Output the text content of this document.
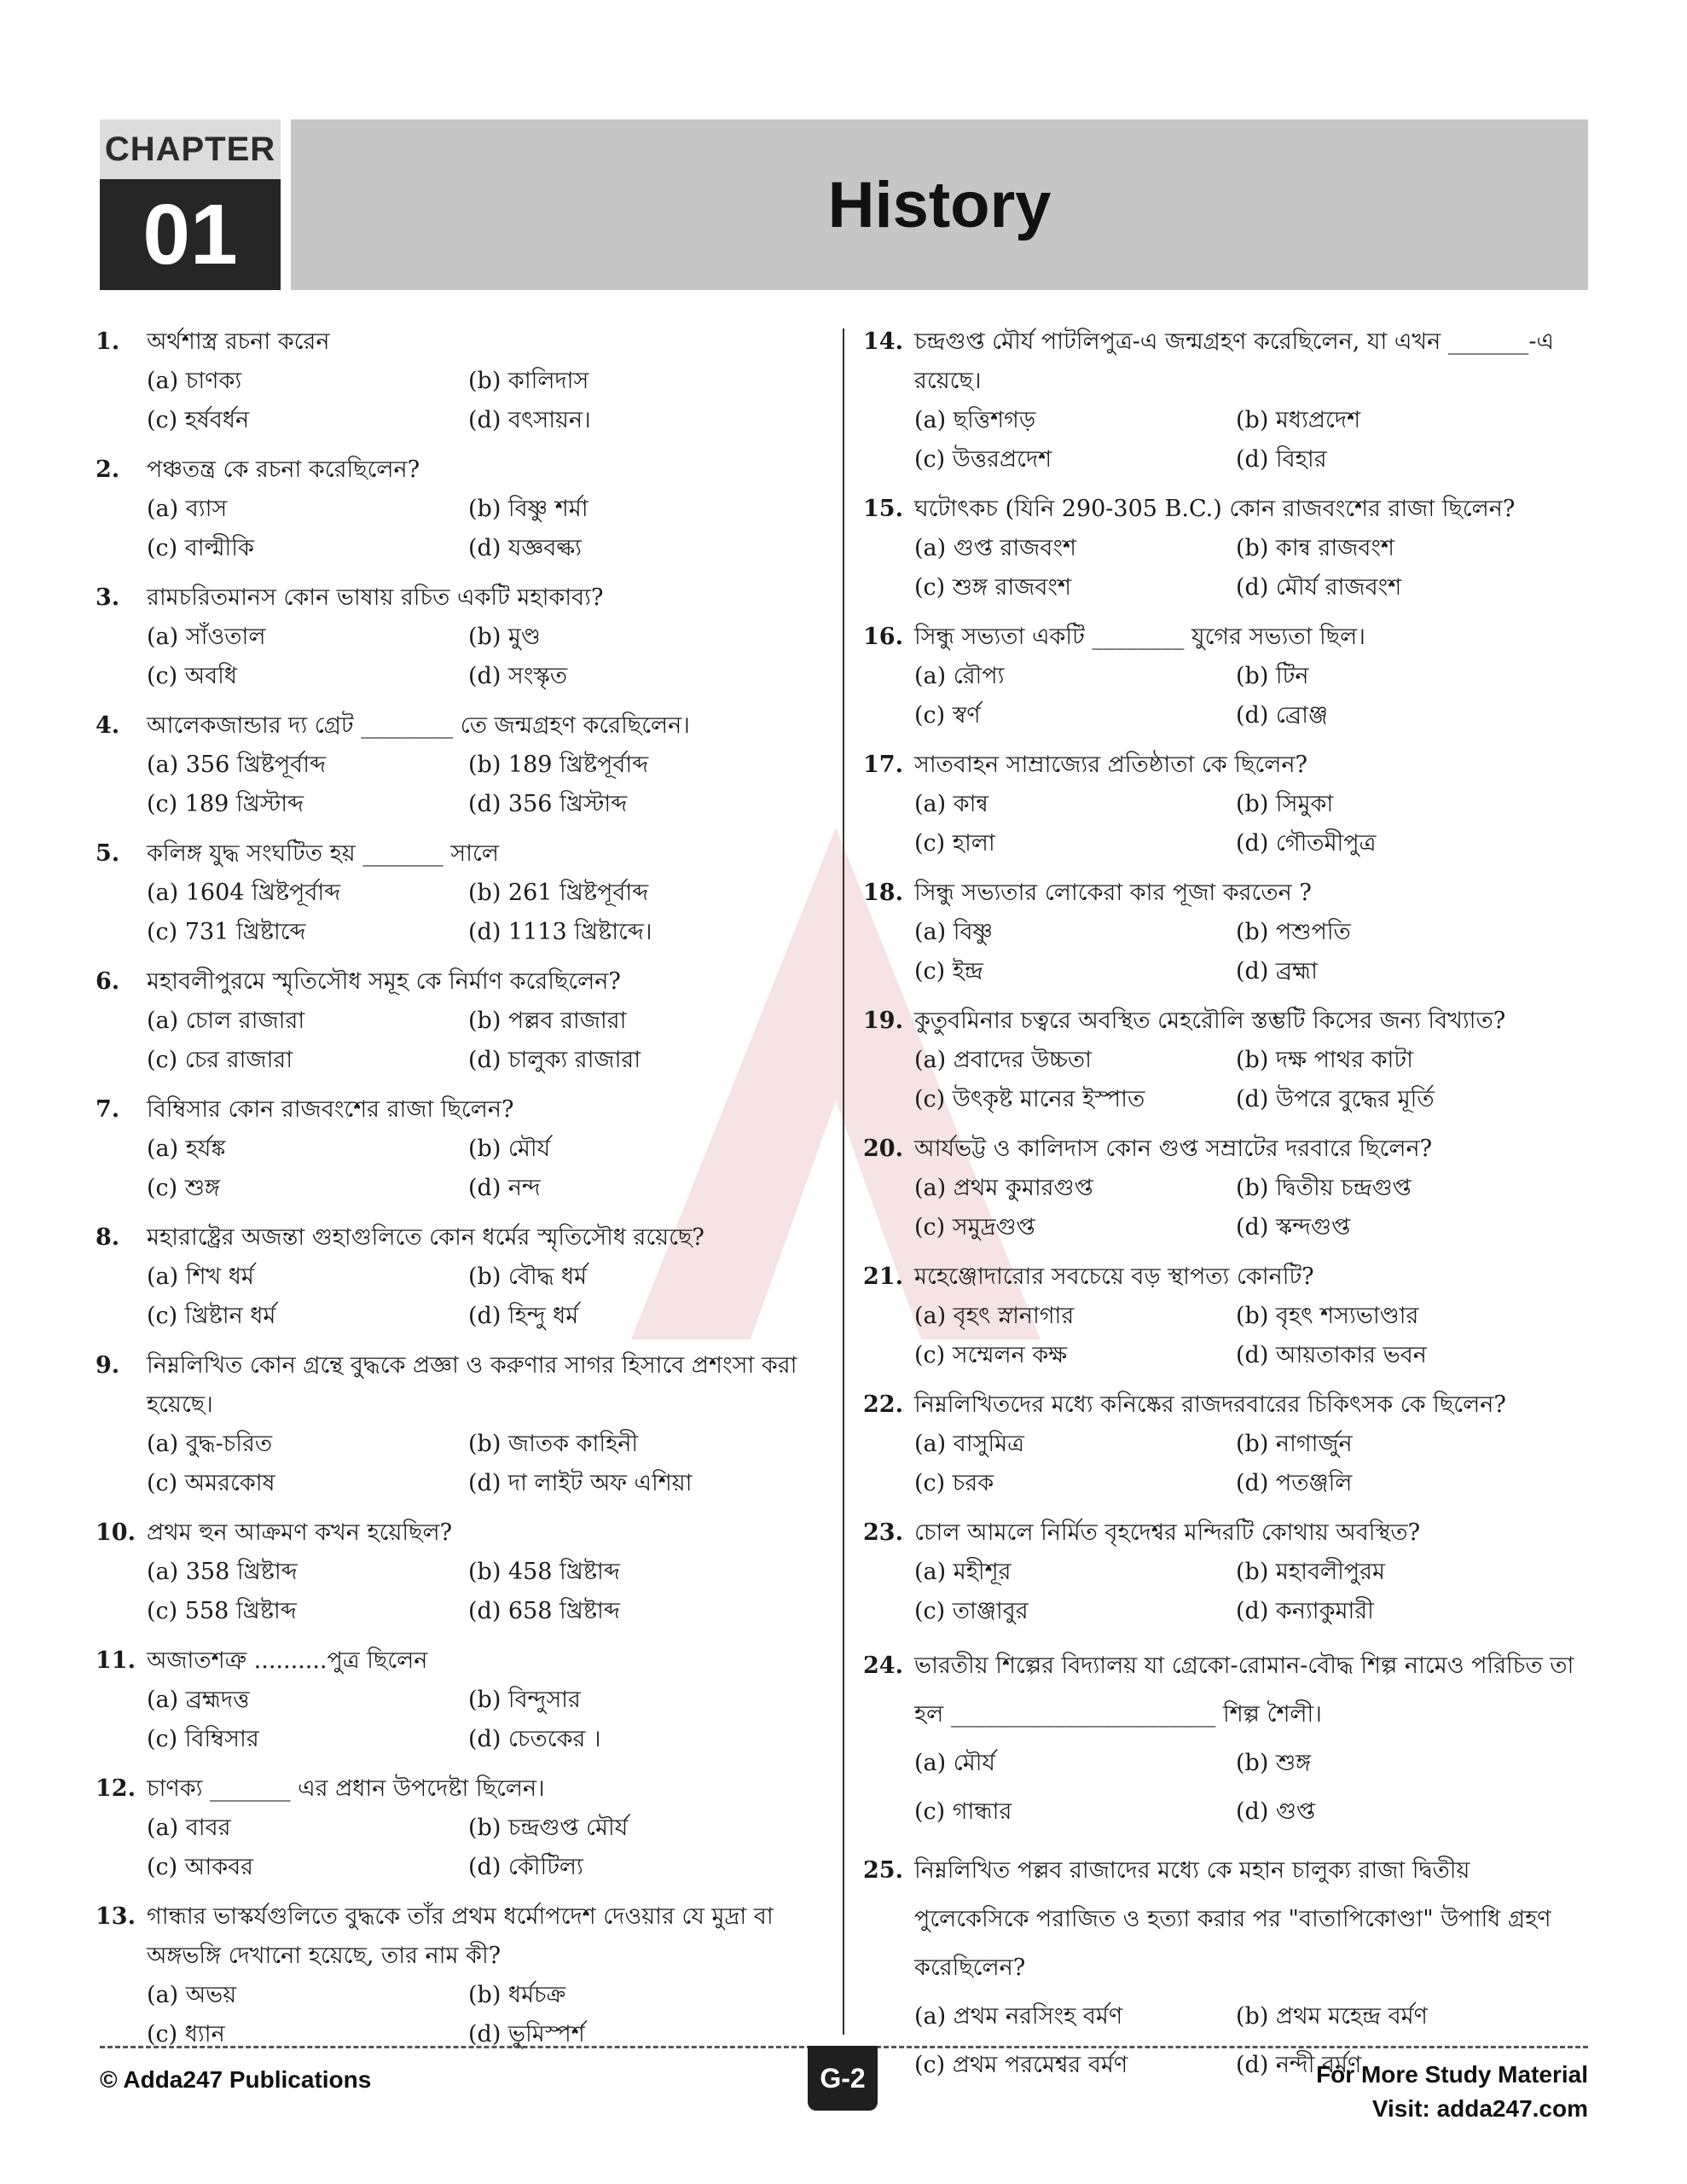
CHAPTER
01	History
1.	অর্থশাস্ত্র রচনা করেন
(a) চাণক্য	(b) কালিদাস
(c) হর্ষবর্ধন	(d) বৎসায়ন।
2.	পঞ্চতন্ত্র কে রচনা করেছিলেন?
(a) ব্যাস	(b) বিষ্ণু শর্মা
(c) বাল্মীকি	(d) যজ্ঞবল্ক্য
3.	রামচরিতমানস কোন ভাষায় রচিত একটি মহাকাব্য?
(a) সাঁওতাল	(b) মুণ্ড
(c) অবধি	(d) সংস্কৃত
4.	আলেকজান্ডার দ্য গ্রেট ________ তে জন্মগ্রহণ করেছিলেন।
(a) 356 খ্রিষ্টপূর্বাব্দ	(b) 189 খ্রিষ্টপূর্বাব্দ
(c) 189 খ্রিস্টাব্দ	(d) 356 খ্রিস্টাব্দ
5.	কলিঙ্গ যুদ্ধ সংঘটিত হয় _______ সালে
(a) 1604 খ্রিষ্টপূর্বাব্দ	(b) 261 খ্রিষ্টপূর্বাব্দ
(c) 731 খ্রিষ্টাব্দে	(d) 1113 খ্রিষ্টাব্দে।
6.	মহাবলীপুরমে স্মৃতিসৌধ সমূহ কে নির্মাণ করেছিলেন?
(a) চোল রাজারা	(b) পল্লব রাজারা
(c) চের রাজারা	(d) চালুক্য রাজারা
7.	বিম্বিসার কোন রাজবংশের রাজা ছিলেন?
(a) হর্যঙ্ক	(b) মৌর্য
(c) শুঙ্গ	(d) নন্দ
8.	মহারাষ্ট্রের অজন্তা গুহাগুলিতে কোন ধর্মের স্মৃতিসৌধ রয়েছে?
(a) শিখ ধর্ম	(b) বৌদ্ধ ধর্ম
(c) খ্রিষ্টান ধর্ম	(d) হিন্দু ধর্ম
9.	নিম্নলিখিত কোন গ্রন্থে বুদ্ধকে প্রজ্ঞা ও করুণার সাগর হিসাবে প্রশংসা করা হয়েছে।
(a) বুদ্ধ-চরিত	(b) জাতক কাহিনী
(c) অমরকোষ	(d) দা লাইট অফ এশিয়া
10. প্রথম হুন আক্রমণ কখন হয়েছিল?
(a) 358 খ্রিষ্টাব্দ	(b) 458 খ্রিষ্টাব্দ
(c) 558 খ্রিষ্টাব্দ	(d) 658 খ্রিষ্টাব্দ
11. অজাতশত্রু ..........পুত্র ছিলেন
(a) ব্রহ্মদত্ত	(b) বিন্দুসার
(c) বিম্বিসার	(d) চেতকের ।
12. চাণক্য _______ এর প্রধান উপদেষ্টা ছিলেন।
(a) বাবর	(b) চন্দ্রগুপ্ত মৌর্য
(c) আকবর	(d) কৌটিল্য
13. গান্ধার ভাস্কর্যগুলিতে বুদ্ধকে তাঁর প্রথম ধর্মোপদেশ দেওয়ার যে মুদ্রা বা অঙ্গভঙ্গি দেখানো হয়েছে, তার নাম কী?
(a) অভয়	(b) ধর্মচক্র
(c) ধ্যান	(d) ভুমিস্পর্শ
14. চন্দ্রগুপ্ত মৌর্য পাটলিপুত্র-এ জন্মগ্রহণ করেছিলেন, যা এখন _______-এ রয়েছে।
(a) ছত্তিশগড়	(b) মধ্যপ্রদেশ
(c) উত্তরপ্রদেশ	(d) বিহার
15. ঘটোৎকচ (যিনি 290-305 B.C.) কোন রাজবংশের রাজা ছিলেন?
(a) গুপ্ত রাজবংশ	(b) কান্ব রাজবংশ
(c) শুঙ্গ রাজবংশ	(d) মৌর্য রাজবংশ
16. সিন্ধু সভ্যতা একটি ________ যুগের সভ্যতা ছিল।
(a) রৌপ্য	(b) টিন
(c) স্বর্ণ	(d) ব্রোঞ্জ
17. সাতবাহন সাম্রাজ্যের প্রতিষ্ঠাতা কে ছিলেন?
(a) কান্ব	(b) সিমুকা
(c) হালা	(d) গৌতমীপুত্র
18. সিন্ধু সভ্যতার লোকেরা কার পূজা করতেন ?
(a) বিষ্ণু	(b) পশুপতি
(c) ইন্দ্র	(d) ব্রহ্মা
19. কুতুবমিনার চত্বরে অবস্থিত মেহরৌলি স্তম্ভটি কিসের জন্য বিখ্যাত?
(a) প্রবাদের উচ্চতা	(b) দক্ষ পাথর কাটা
(c) উৎকৃষ্ট মানের ইস্পাত	(d) উপরে বুদ্ধের মূর্তি
20. আর্যভট্ট ও কালিদাস কোন গুপ্ত সম্রাটের দরবারে ছিলেন?
(a) প্রথম কুমারগুপ্ত	(b) দ্বিতীয় চন্দ্রগুপ্ত
(c) সমুদ্রগুপ্ত	(d) স্কন্দগুপ্ত
21. মহেঞ্জোদারোর সবচেয়ে বড় স্থাপত্য কোনটি?
(a) বৃহৎ স্নানাগার	(b) বৃহৎ শস্যভাণ্ডার
(c) সম্মেলন কক্ষ	(d) আয়তাকার ভবন
22. নিম্নলিখিতদের মধ্যে কনিষ্কের রাজদরবারের চিকিৎসক কে ছিলেন?
(a) বাসুমিত্র	(b) নাগার্জুন
(c) চরক	(d) পতঞ্জলি
23. চোল আমলে নির্মিত বৃহদেশ্বর মন্দিরটি কোথায় অবস্থিত?
(a) মহীশূর	(b) মহাবলীপুরম
(c) তাঞ্জাবুর	(d) কন্যাকুমারী
24. ভারতীয় শিল্পের বিদ্যালয় যা গ্রেকো-রোমান-বৌদ্ধ শিল্প নামেও পরিচিত তা হল _______________________ শিল্প শৈলী।
(a) মৌর্য	(b) শুঙ্গ
(c) গান্ধার	(d) গুপ্ত
25. নিম্নলিখিত পল্লব রাজাদের মধ্যে কে মহান চালুক্য রাজা দ্বিতীয় পুলেকেসিকে পরাজিত ও হত্যা করার পর "বাতাপিকোণ্ডা" উপাধি গ্রহণ করেছিলেন?
(a) প্রথম নরসিংহ বর্মণ	(b) প্রথম মহেন্দ্র বর্মণ
(c) প্রথম পরমেশ্বর বর্মণ	(d) নন্দী বর্মণ
© Adda247 Publications	G-2	For More Study Material
Visit: adda247.com
